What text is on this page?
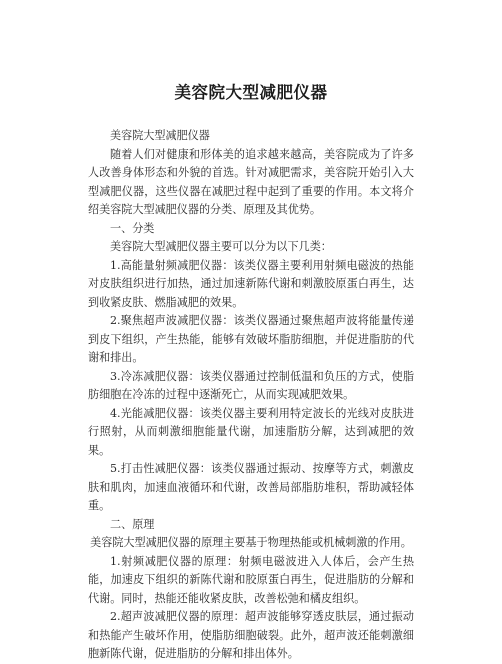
美容院大型减肥仪器

美容院大型减肥仪器

随着人们对健康和形体美的追求越来越高，美容院成为了许多人改善身体形态和外貌的首选。针对减肥需求，美容院开始引入大型减肥仪器，这些仪器在减肥过程中起到了重要的作用。本文将介绍美容院大型减肥仪器的分类、原理及其优势。

一、分类

美容院大型减肥仪器主要可以分为以下几类：

1.高能量射频减肥仪器：该类仪器主要利用射频电磁波的热能对皮肤组织进行加热，通过加速新陈代谢和刺激胶原蛋白再生，达到收紧皮肤、燃脂减肥的效果。

2.聚焦超声波减肥仪器：该类仪器通过聚焦超声波将能量传递到皮下组织，产生热能，能够有效破坏脂肪细胞，并促进脂肪的代谢和排出。

3.冷冻减肥仪器：该类仪器通过控制低温和负压的方式，使脂肪细胞在冷冻的过程中逐渐死亡，从而实现减肥效果。

4.光能减肥仪器：该类仪器主要利用特定波长的光线对皮肤进行照射，从而刺激细胞能量代谢，加速脂肪分解，达到减肥的效果。

5.打击性减肥仪器：该类仪器通过振动、按摩等方式，刺激皮肤和肌肉，加速血液循环和代谢，改善局部脂肪堆积，帮助减轻体重。

二、原理

美容院大型减肥仪器的原理主要基于物理热能或机械刺激的作用。

1.射频减肥仪器的原理：射频电磁波进入人体后，会产生热能，加速皮下组织的新陈代谢和胶原蛋白再生，促进脂肪的分解和代谢。同时，热能还能收紧皮肤，改善松弛和橘皮组织。

2.超声波减肥仪器的原理：超声波能够穿透皮肤层，通过振动和热能产生破坏作用，使脂肪细胞破裂。此外，超声波还能刺激细胞新陈代谢，促进脂肪的分解和排出体外。
